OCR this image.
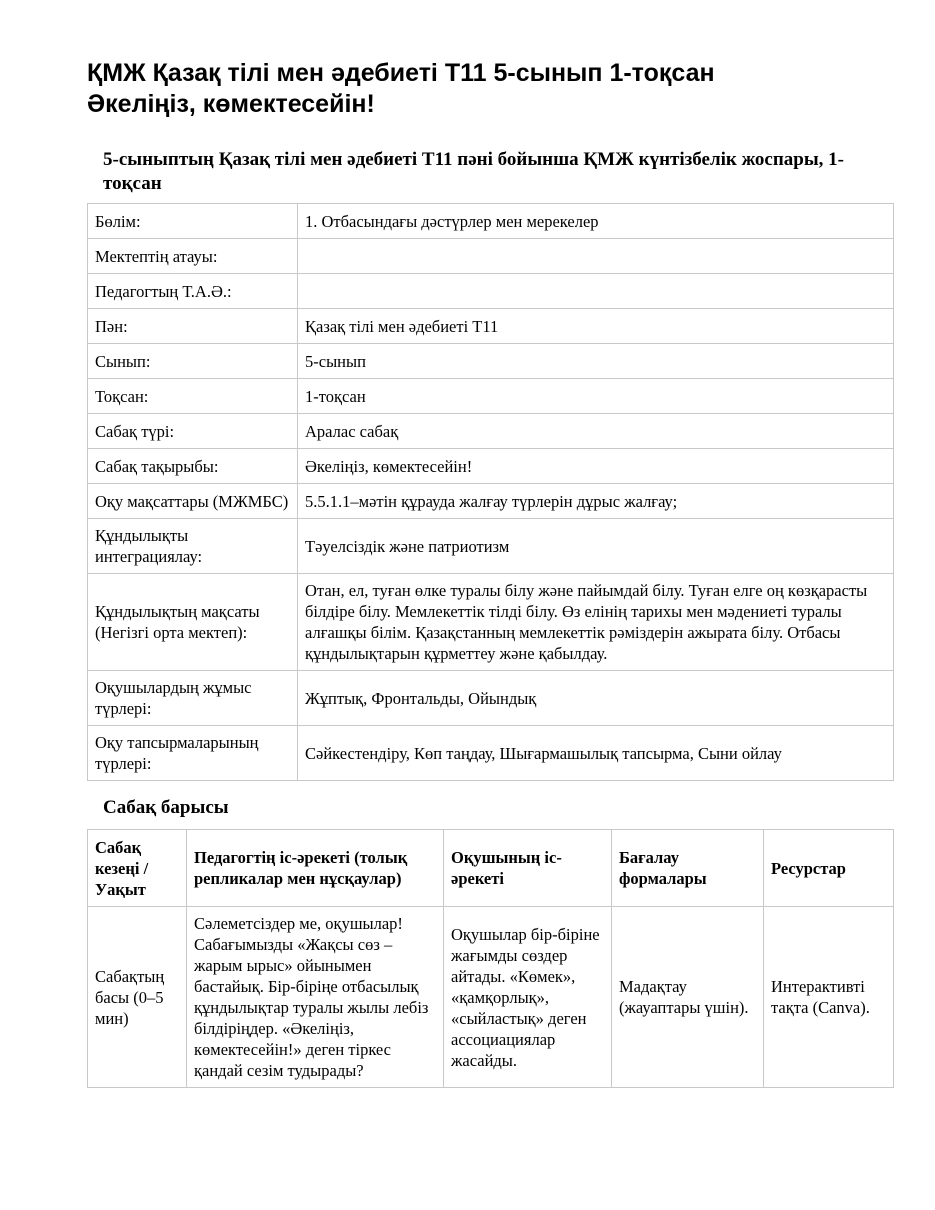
ҚМЖ Қазақ тілі мен әдебиеті Т11 5-сынып 1-тоқсан
Әкеліңіз, көмектесейін!
5-сыныптың Қазақ тілі мен әдебиеті Т11 пәні бойынша ҚМЖ күнтізбелік жоспары, 1-тоқсан
Бөлім:	1. Отбасындағы дәстүрлер мен мерекелер
Мектептің атауы:	
Педагогтың Т.А.Ә.:	
Пән:	Қазақ тілі мен әдебиеті Т11
Сынып:	5-сынып
Тоқсан:	1-тоқсан
Сабақ түрі:	Аралас сабақ
Сабақ тақырыбы:	Әкеліңіз, көмектесейін!
Оқу мақсаттары (МЖМБС)	5.5.1.1–мәтін құрауда жалғау түрлерін дұрыс жалғау;
Құндылықты интеграциялау:	Тәуелсіздік және патриотизм
Құндылықтың мақсаты (Негізгі орта мектеп):	Отан, ел, туған өлке туралы білу және пайымдай білу. Туған елге оң көзқарасты білдіре білу. Мемлекеттік тілді білу. Өз елінің тарихы мен мәдениеті туралы алғашқы білім. Қазақстанның мемлекеттік рәміздерін ажырата білу. Отбасы құндылықтарын құрметтеу және қабылдау.
Оқушылардың жұмыс түрлері:	Жұптық, Фронтальды, Ойындық
Оқу тапсырмаларының түрлері:	Сәйкестендіру, Көп таңдау, Шығармашылық тапсырма, Сыни ойлау
Сабақ барысы
Сабақ кезеңі / Уақыт	Педагогтің іс-әрекеті (толық репликалар мен нұсқаулар)	Оқушының іс-әрекеті	Бағалау формалары	Ресурстар
Сабақтың басы (0–5 мин)	Сәлеметсіздер ме, оқушылар! Сабағымызды «Жақсы сөз – жарым ырыс» ойынымен бастайық. Бір-біріңе отбасылық құндылықтар туралы жылы лебіз білдіріңдер. «Әкеліңіз, көмектесейін!» деген тіркес қандай сезім тудырады?	Оқушылар бір-біріне жағымды сөздер айтады. «Көмек», «қамқорлық», «сыйластық» деген ассоциациялар жасайды.	Мадақтау (жауаптары үшін).	Интерактивті тақта (Canva).
